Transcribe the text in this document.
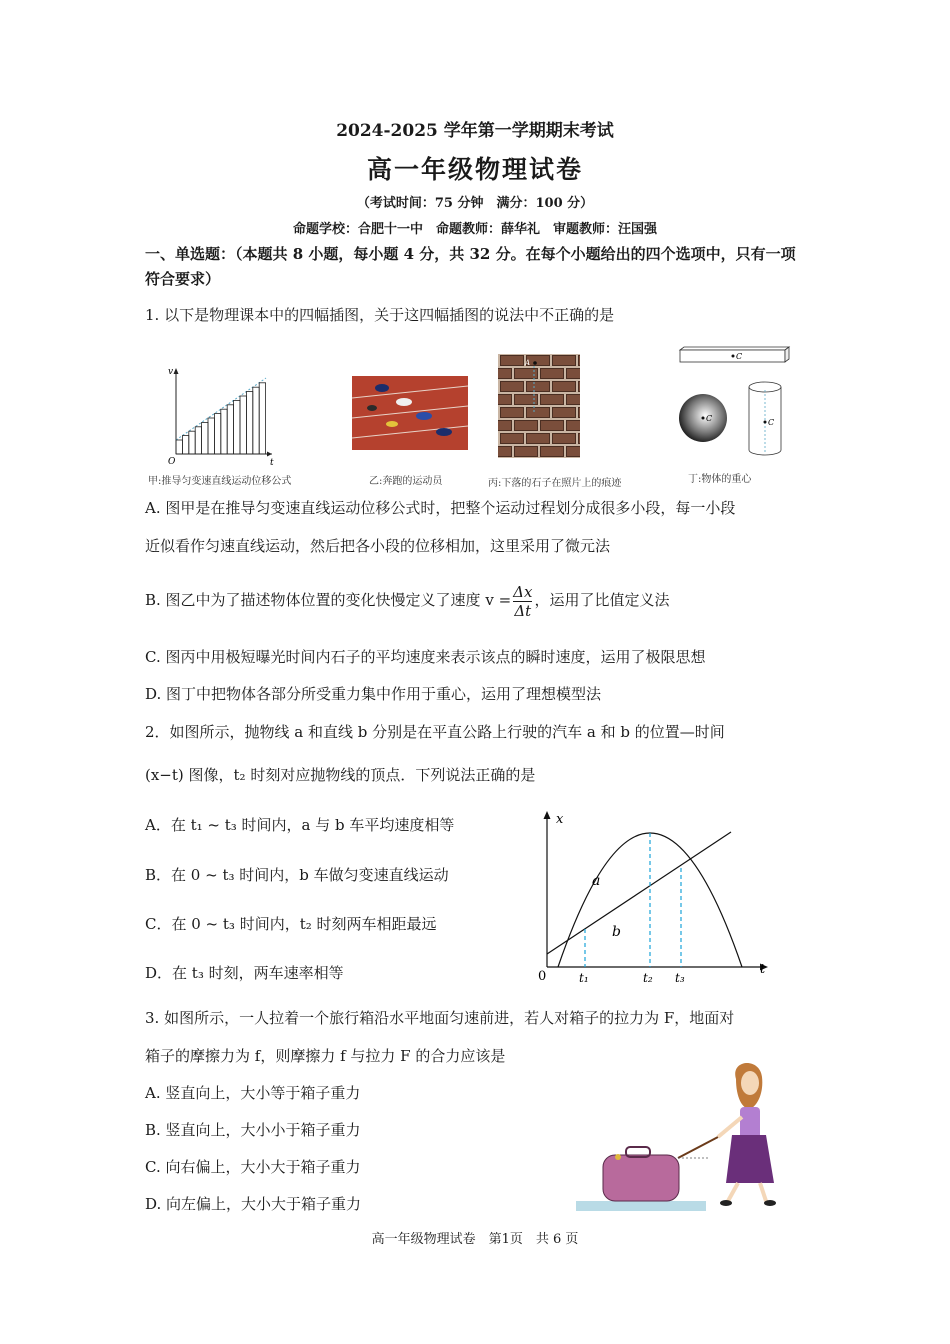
2024-2025 学年第一学期期末考试
高一年级物理试卷
（考试时间：75 分钟　满分：100 分）
命题学校：合肥十一中　命题教师：薛华礼　审题教师：汪国强
一、单选题：（本题共 8 小题，每小题 4 分，共 32 分。在每个小题给出的四个选项中，只有一项符合要求）
1. 以下是物理课本中的四幅插图，关于这四幅插图的说法中不正确的是
v
t
O
A
C
C	C
甲:推导匀变速直线运动位移公式	乙:奔跑的运动员	丙:下落的石子在照片上的痕迹	丁:物体的重心
A. 图甲是在推导匀变速直线运动位移公式时，把整个运动过程划分成很多小段，每一小段
近似看作匀速直线运动，然后把各小段的位移相加，这里采用了微元法
B. 图乙中为了描述物体位置的变化快慢定义了速度 $v = \frac{\Delta x}{\Delta t}$ ，运用了比值定义法
C. 图丙中用极短曝光时间内石子的平均速度来表示该点的瞬时速度，运用了极限思想
D. 图丁中把物体各部分所受重力集中作用于重心，运用了理想模型法
2．如图所示，抛物线 a 和直线 b 分别是在平直公路上行驶的汽车 a 和 b 的位置—时间
(x−t) 图像，t₂ 时刻对应抛物线的顶点．下列说法正确的是
A．在 t₁ ~ t₃ 时间内，a 与 b 车平均速度相等
B．在 0 ~ t₃ 时间内，b 车做匀变速直线运动
C．在 0 ~ t₃ 时间内，t₂ 时刻两车相距最远
D．在 t₃ 时刻，两车速率相等
x
t
0
a
b
t₁	t₂ t₃
3. 如图所示，一人拉着一个旅行箱沿水平地面匀速前进，若人对箱子的拉力为 F，地面对
箱子的摩擦力为 f，则摩擦力 f 与拉力 F 的合力应该是
A. 竖直向上，大小等于箱子重力
B. 竖直向上，大小小于箱子重力
C. 向右偏上，大小大于箱子重力
D. 向左偏上，大小大于箱子重力
高一年级物理试卷　第1页　共 6 页
